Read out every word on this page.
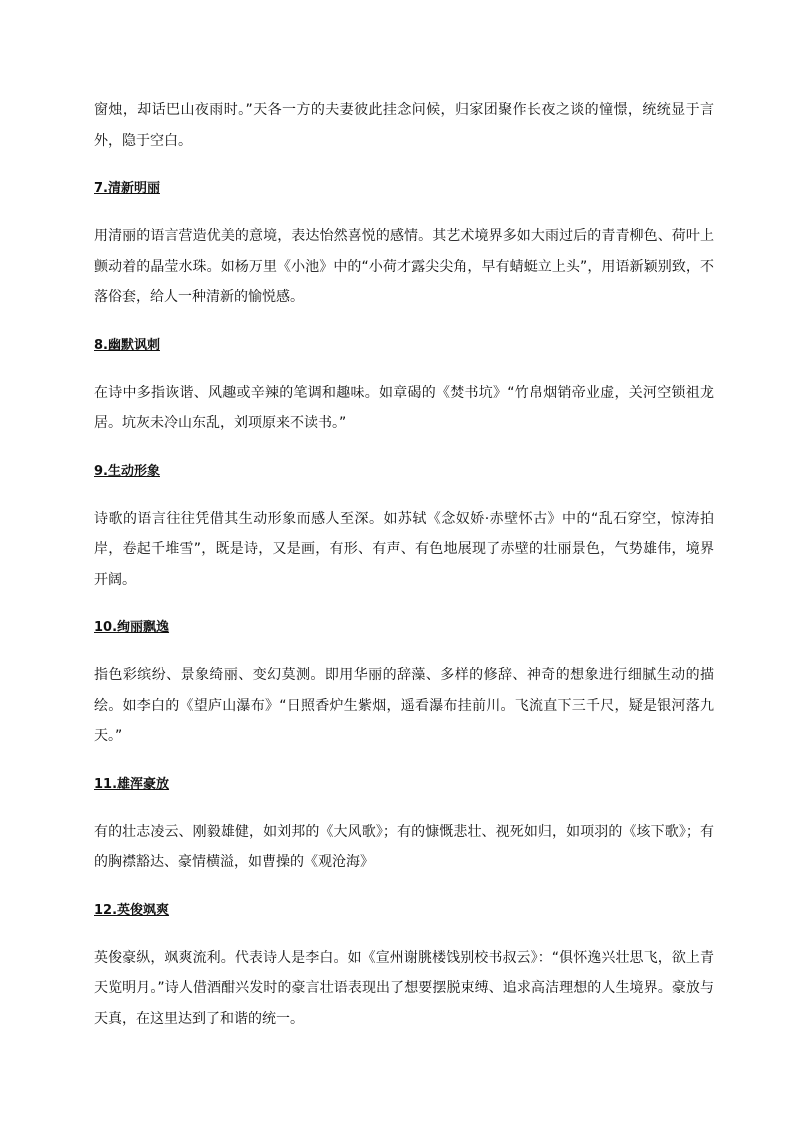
窗烛，却话巴山夜雨时。”天各一方的夫妻彼此挂念问候，归家团聚作长夜之谈的憧憬，统统显于言外，隐于空白。

7.清新明丽

用清丽的语言营造优美的意境，表达怡然喜悦的感情。其艺术境界多如大雨过后的青青柳色、荷叶上颤动着的晶莹水珠。如杨万里《小池》中的“小荷才露尖尖角，早有蜻蜓立上头”，用语新颖别致，不落俗套，给人一种清新的愉悦感。

8.幽默讽刺

在诗中多指诙谐、风趣或辛辣的笔调和趣味。如章碣的《焚书坑》“竹帛烟销帝业虚，关河空锁祖龙居。坑灰未冷山东乱，刘项原来不读书。”

9.生动形象

诗歌的语言往往凭借其生动形象而感人至深。如苏轼《念奴娇·赤壁怀古》中的“乱石穿空，惊涛拍岸，卷起千堆雪”，既是诗，又是画，有形、有声、有色地展现了赤壁的壮丽景色，气势雄伟，境界开阔。

10.绚丽飘逸

指色彩缤纷、景象绮丽、变幻莫测。即用华丽的辞藻、多样的修辞、神奇的想象进行细腻生动的描绘。如李白的《望庐山瀑布》“日照香炉生紫烟，遥看瀑布挂前川。飞流直下三千尺，疑是银河落九天。”

11.雄浑豪放

有的壮志凌云、刚毅雄健，如刘邦的《大风歌》；有的慷慨悲壮、视死如归，如项羽的《垓下歌》；有的胸襟豁达、豪情横溢，如曹操的《观沧海》

12.英俊飒爽

英俊豪纵，飒爽流利。代表诗人是李白。如《宣州谢朓楼饯别校书叔云》：“俱怀逸兴壮思飞，欲上青天览明月。”诗人借酒酣兴发时的豪言壮语表现出了想要摆脱束缚、追求高洁理想的人生境界。豪放与天真，在这里达到了和谐的统一。
